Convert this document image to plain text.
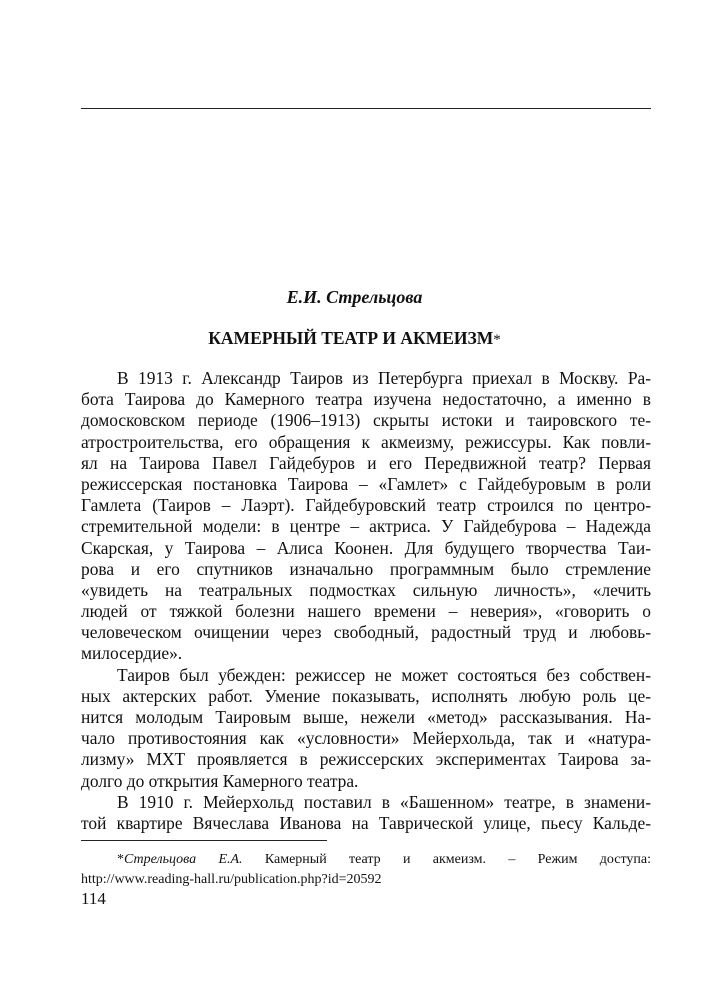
Е.И. Стрельцова
КАМЕРНЫЙ ТЕАТР И АКМЕИЗМ*
В 1913 г. Александр Таиров из Петербурга приехал в Москву. Ра-
бота Таирова до Камерного театра изучена недостаточно, а именно в
домосковском периоде (1906–1913) скрыты истоки и таировского те-
атростроительства, его обращения к акмеизму, режиссуры. Как повли-
ял на Таирова Павел Гайдебуров и его Передвижной театр? Первая
режиссерская постановка Таирова – «Гамлет» с Гайдебуровым в роли
Гамлета (Таиров – Лаэрт). Гайдебуровский театр строился по центро-
стремительной модели: в центре – актриса. У Гайдебурова – Надежда
Скарская, у Таирова – Алиса Коонен. Для будущего творчества Таи-
рова и его спутников изначально программным было стремление
«увидеть на театральных подмостках сильную личность», «лечить
людей от тяжкой болезни нашего времени – неверия», «говорить о
человеческом очищении через свободный, радостный труд и любовь-
милосердие».
Таиров был убежден: режиссер не может состояться без собствен-
ных актерских работ. Умение показывать, исполнять любую роль це-
нится молодым Таировым выше, нежели «метод» рассказывания. На-
чало противостояния как «условности» Мейерхольда, так и «натура-
лизму» МХТ проявляется в режиссерских экспериментах Таирова за-
долго до открытия Камерного театра.
В 1910 г. Мейерхольд поставил в «Башенном» театре, в знамени-
той квартире Вячеслава Иванова на Таврической улице, пьесу Кальде-
*Стрельцова Е.А. Камерный театр и акмеизм. – Режим доступа:
http://www.reading-hall.ru/publication.php?id=20592
114
